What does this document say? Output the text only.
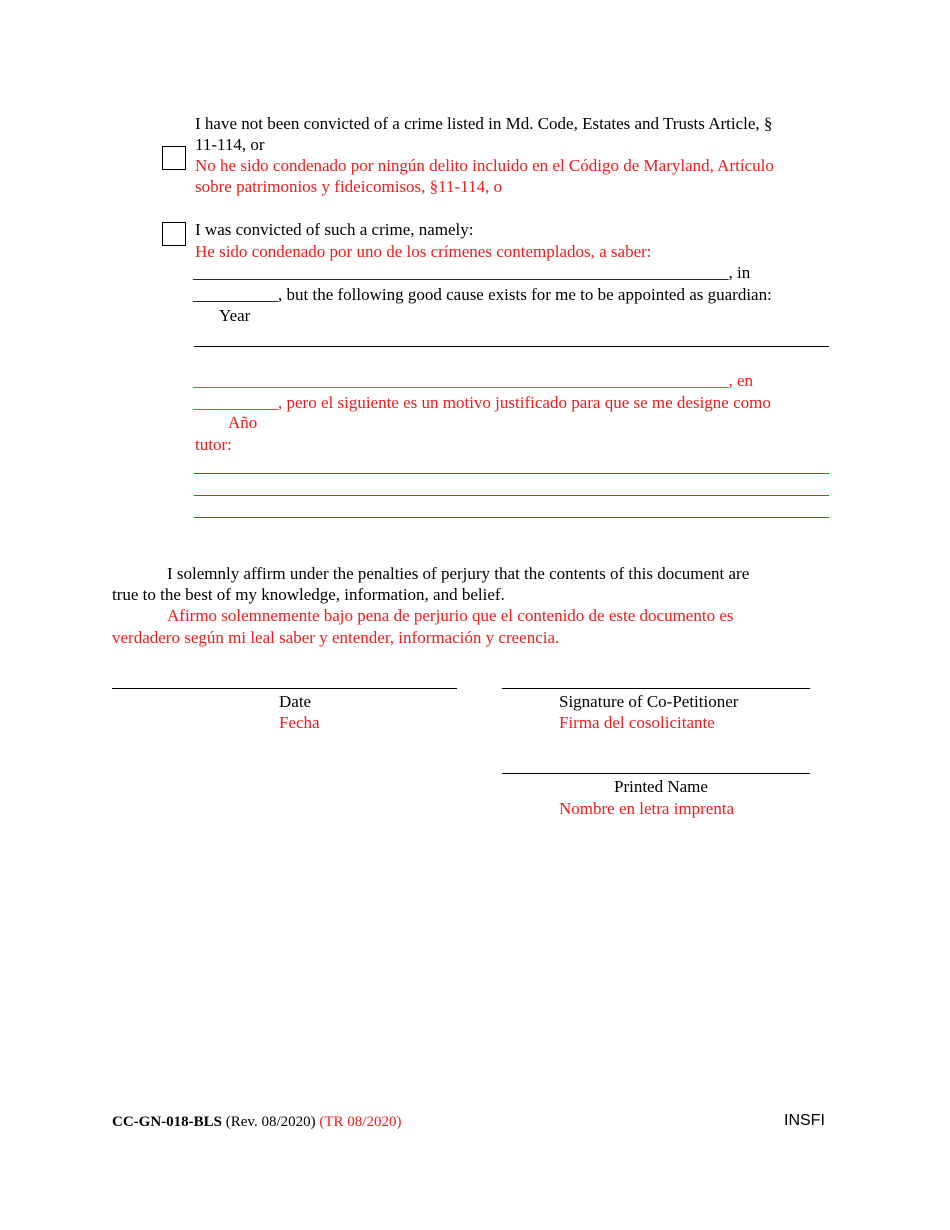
I have not been convicted of a crime listed in Md. Code, Estates and Trusts Article, §
11-114, or
No he sido condenado por ningún delito incluido en el Código de Maryland, Artículo
sobre patrimonios y fideicomisos, §11-114, o
I was convicted of such a crime, namely:
He sido condenado por uno de los crímenes contemplados, a saber:
_______________________________________________________________, in
__________, but the following good cause exists for me to be appointed as guardian:
Year
_______________________________________________________________, en
__________, pero el siguiente es un motivo justificado para que se me designe como
Año
tutor:
I solemnly affirm under the penalties of perjury that the contents of this document are
true to the best of my knowledge, information, and belief.
Afirmo solemnemente bajo pena de perjurio que el contenido de este documento es
verdadero según mi leal saber y entender, información y creencia.
Date
Fecha
Signature of Co-Petitioner
Firma del cosolicitante
Printed Name
Nombre en letra imprenta
CC-GN-018-BLS (Rev. 08/2020) (TR 08/2020)	INSFI
